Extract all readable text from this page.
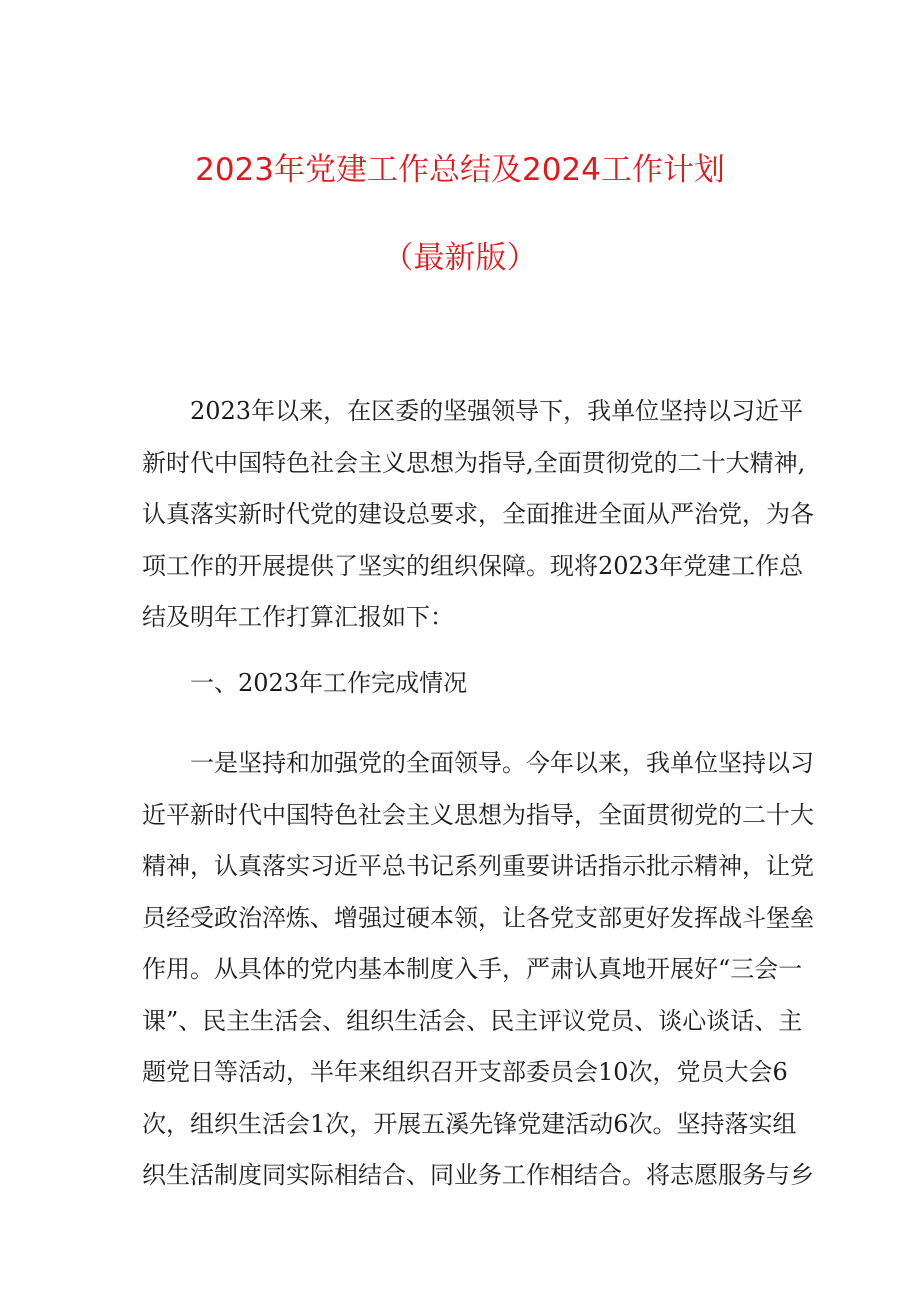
2023年党建工作总结及2024工作计划
（最新版）
2023年以来，在区委的坚强领导下，我单位坚持以习近平
新时代中国特色社会主义思想为指导,全面贯彻党的二十大精神,
认真落实新时代党的建设总要求，全面推进全面从严治党，为各
项工作的开展提供了坚实的组织保障。现将2023年党建工作总
结及明年工作打算汇报如下：
一、2023年工作完成情况
一是坚持和加强党的全面领导。今年以来，我单位坚持以习
近平新时代中国特色社会主义思想为指导，全面贯彻党的二十大
精神，认真落实习近平总书记系列重要讲话指示批示精神，让党
员经受政治淬炼、增强过硬本领，让各党支部更好发挥战斗堡垒
作用。从具体的党内基本制度入手，严肃认真地开展好“三会一
课”、民主生活会、组织生活会、民主评议党员、谈心谈话、主
题党日等活动，半年来组织召开支部委员会10次，党员大会6
次，组织生活会1次，开展五溪先锋党建活动6次。坚持落实组
织生活制度同实际相结合、同业务工作相结合。将志愿服务与乡
